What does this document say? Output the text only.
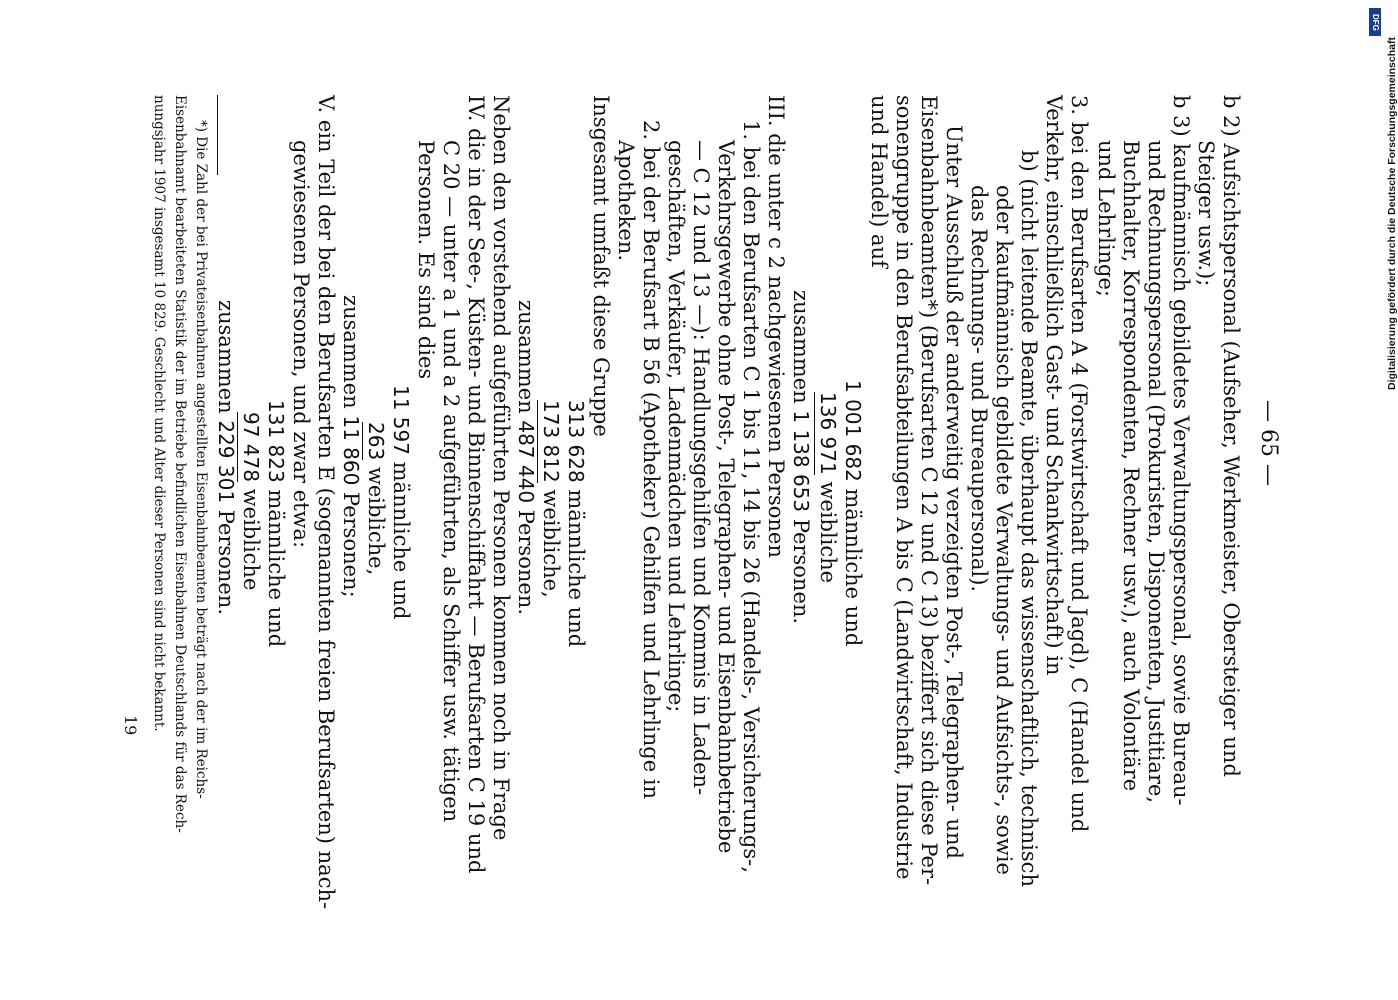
— 65 —
b 2) Aufsichtspersonal (Aufseher, Werkmeister, Obersteiger und
Steiger usw.);
b 3) kaufmännisch gebildetes Verwaltungspersonal, sowie Bureau-
und Rechnungspersonal (Prokuristen, Disponenten, Justitiare,
Buchhalter, Korrespondenten, Rechner usw.), auch Volontäre
und Lehrlinge;
3. bei den Berufsarten A 4 (Forstwirtschaft und Jagd), C (Handel und
Verkehr, einschließlich Gast- und Schankwirtschaft) in
b) (nicht leitende Beamte, überhaupt das wissenschaftlich, technisch
oder kaufmännisch gebildete Verwaltungs- und Aufsichts-, sowie
das Rechnungs- und Bureaupersonal).
Unter Ausschluß der anderweitig verzeigten Post-, Telegraphen- und
Eisenbahnbeamten*) (Berufsarten C 12 und C 13) beziffert sich diese Per-
sonengruppe in den Berufsabteilungen A bis C (Landwirtschaft, Industrie
und Handel) auf
1 001 682 männliche und
136 971 weibliche
zusammen 1 138 653 Personen.
III. die unter c 2 nachgewiesenen Personen
1. bei den Berufsarten C 1 bis 11, 14 bis 26 (Handels-, Versicherungs-,
Verkehrsgewerbe ohne Post-, Telegraphen- und Eisenbahnbetriebe
— C 12 und 13 —): Handlungsgehilfen und Kommis in Laden-
geschäften, Verkäufer, Ladenmädchen und Lehrlinge;
2. bei der Berufsart B 56 (Apotheker) Gehilfen und Lehrlinge in
Apotheken.
Insgesamt umfaßt diese Gruppe
313 628 männliche und
173 812 weibliche,
zusammen 487 440 Personen.
Neben den vorstehend aufgeführten Personen kommen noch in Frage
IV. die in der See-, Küsten- und Binnenschiffahrt — Berufsarten C 19 und
C 20 — unter a 1 und a 2 aufgeführten, als Schiffer usw. tätigen
Personen. Es sind dies
11 597 männliche und
263 weibliche,
zusammen 11 860 Personen;
V. ein Teil der bei den Berufsarten E (sogenannten freien Berufsarten) nach-
gewiesenen Personen, und zwar etwa:
131 823 männliche und
97 478 weibliche
zusammen 229 301 Personen.
*) Die Zahl der bei Privateisenbahnen angestellten Eisenbahnbeamten beträgt nach der im Reichs-
Eisenbahnamt bearbeiteten Statistik der im Betriebe befindlichen Eisenbahnen Deutschlands für das Rech-
nungsjahr 1907 insgesamt 10 829. Geschlecht und Alter dieser Personen sind nicht bekannt.
19
DFG
Digitalisierung gefördert durch die Deutsche Forschungsgemeinschaft
